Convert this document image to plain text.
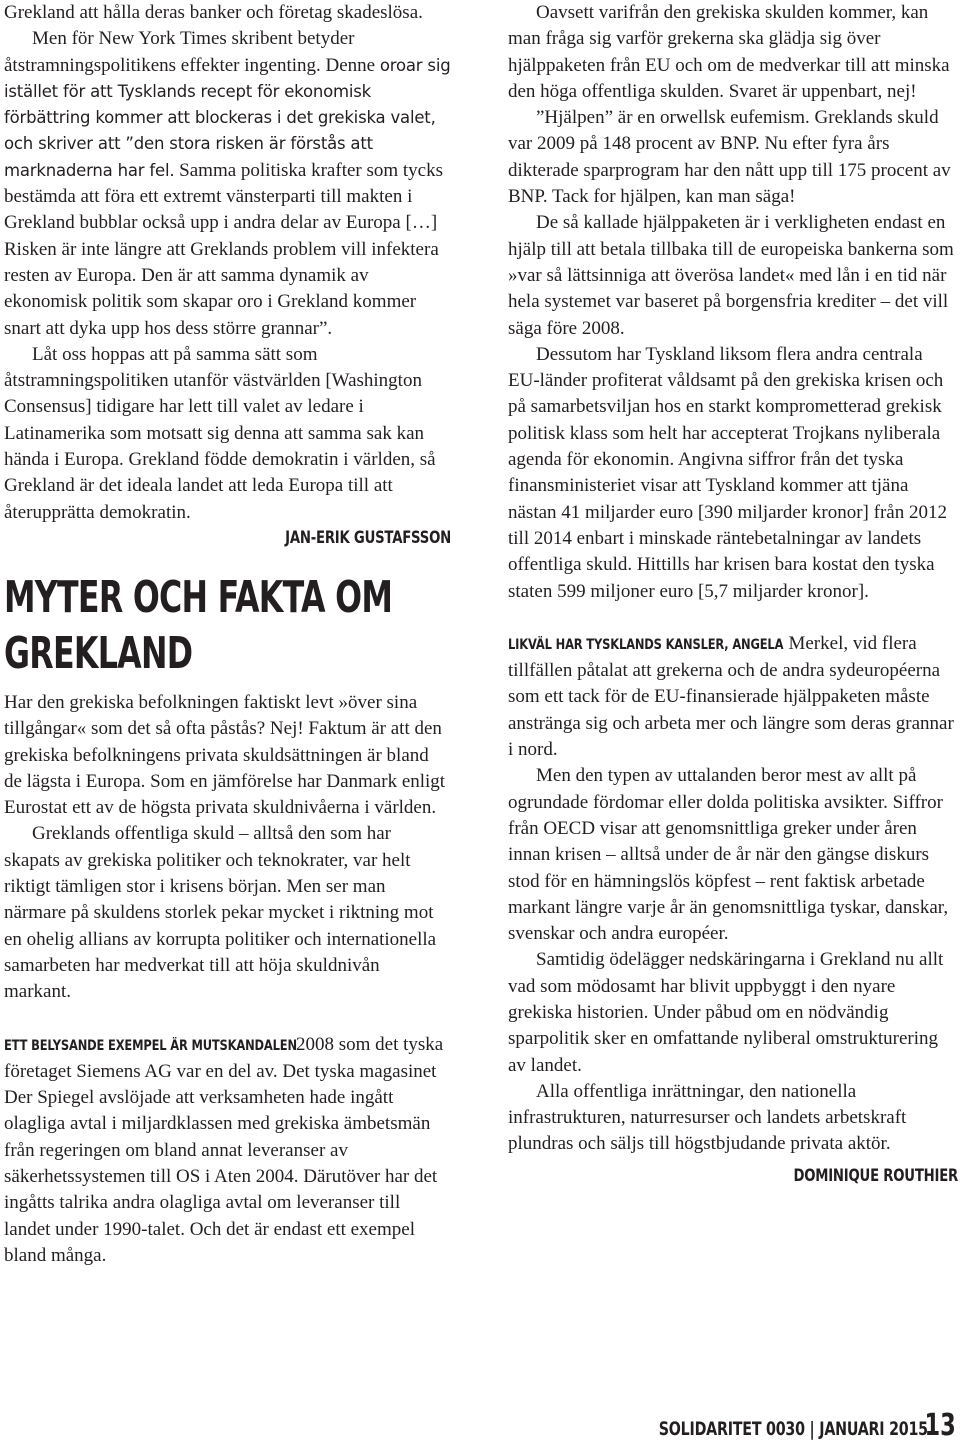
Grekland att hålla deras banker och företag skadeslösa.

Men för New York Times skribent betyder åtstramningspolitikens effekter ingenting. Denne oroar sig istället för att Tysklands recept för ekonomisk förbättring kommer att blockeras i det grekiska valet, och skriver att ”den stora risken är förstås att marknaderna har fel. Samma politiska krafter som tycks bestämda att föra ett extremt vänsterparti till makten i Grekland bubblar också upp i andra delar av Europa […] Risken är inte längre att Greklands problem vill infektera resten av Europa. Den är att samma dynamik av ekonomisk politik som skapar oro i Grekland kommer snart att dyka upp hos dess större grannar”.

Låt oss hoppas att på samma sätt som åtstramningspolitiken utanför västvärlden [Washington Consensus] tidigare har lett till valet av ledare i Latinamerika som motsatt sig denna att samma sak kan hända i Europa. Grekland födde demokratin i världen, så Grekland är det ideala landet att leda Europa till att återupprätta demokratin.

JAN-ERIK GUSTAFSSON
MYTER OCH FAKTA OM
GREKLAND

Har den grekiska befolkningen faktiskt levt »över sina tillgångar« som det så ofta påstås? Nej! Faktum är att den grekiska befolkningens privata skuldsättningen är bland de lägsta i Europa. Som en jämförelse har Danmark enligt Eurostat ett av de högsta privata skuldnivåerna i världen.

Greklands offentliga skuld – alltså den som har skapats av grekiska politiker och teknokrater, var helt riktigt tämligen stor i krisens början. Men ser man närmare på skuldens storlek pekar mycket i riktning mot en ohelig allians av korrupta politiker och internationella samarbeten har medverkat till att höja skuldnivån markant.

ETT BELYSANDE EXEMPEL ÄR MUTSKANDALEN 2008 som det tyska företaget Siemens AG var en del av. Det tyska magasinet Der Spiegel avslöjade att verksamheten hade ingått olagliga avtal i miljardklassen med grekiska ämbetsmän från regeringen om bland annat leveranser av säkerhetssystemen till OS i Aten 2004. Därutöver har det ingåtts talrika andra olagliga avtal om leveranser till landet under 1990-talet. Och det är endast ett exempel bland många.

Oavsett varifrån den grekiska skulden kommer, kan man fråga sig varför grekerna ska glädja sig över hjälppaketen från EU och om de medverkar till att minska den höga offentliga skulden. Svaret är uppenbart, nej!

”Hjälpen” är en orwellsk eufemism. Greklands skuld var 2009 på 148 procent av BNP. Nu efter fyra års dikterade sparprogram har den nått upp till 175 procent av BNP. Tack for hjälpen, kan man säga!

De så kallade hjälppaketen är i verkligheten endast en hjälp till att betala tillbaka till de europeiska bankerna som »var så lättsinniga att överösa landet« med lån i en tid när hela systemet var baseret på borgensfria krediter – det vill säga före 2008.

Dessutom har Tyskland liksom flera andra centrala EU-länder profiterat våldsamt på den grekiska krisen och på samarbetsviljan hos en starkt komprometterad grekisk politisk klass som helt har accepterat Trojkans nyliberala agenda för ekonomin. Angivna siffror från det tyska finansministeriet visar att Tyskland kommer att tjäna nästan 41 miljarder euro [390 miljarder kronor] från 2012 till 2014 enbart i minskade räntebetalningar av landets offentliga skuld. Hittills har krisen bara kostat den tyska staten 599 miljoner euro [5,7 miljarder kronor].

LIKVÄL HAR TYSKLANDS KANSLER, ANGELA Merkel, vid flera tillfällen påtalat att grekerna och de andra sydeuropéerna som ett tack för de EU-finansierade hjälppaketen måste anstränga sig och arbeta mer och längre som deras grannar i nord.

Men den typen av uttalanden beror mest av allt på ogrundade fördomar eller dolda politiska avsikter. Siffror från OECD visar att genomsnittliga greker under åren innan krisen – alltså under de år när den gängse diskurs stod för en hämningslös köpfest – rent faktisk arbetade markant längre varje år än genomsnittliga tyskar, danskar, svenskar och andra européer.

Samtidig ödelägger nedskäringarna i Grekland nu allt vad som mödosamt har blivit uppbyggt i den nyare grekiska historien. Under påbud om en nödvändig sparpolitik sker en omfattande nyliberal omstrukturering av landet.

Alla offentliga inrättningar, den nationella infrastrukturen, naturresurser och landets arbetskraft plundras och säljs till högstbjudande privata aktör.

DOMINIQUE ROUTHIER
SOLIDARITET 0030 | JANUARI 2015
13
